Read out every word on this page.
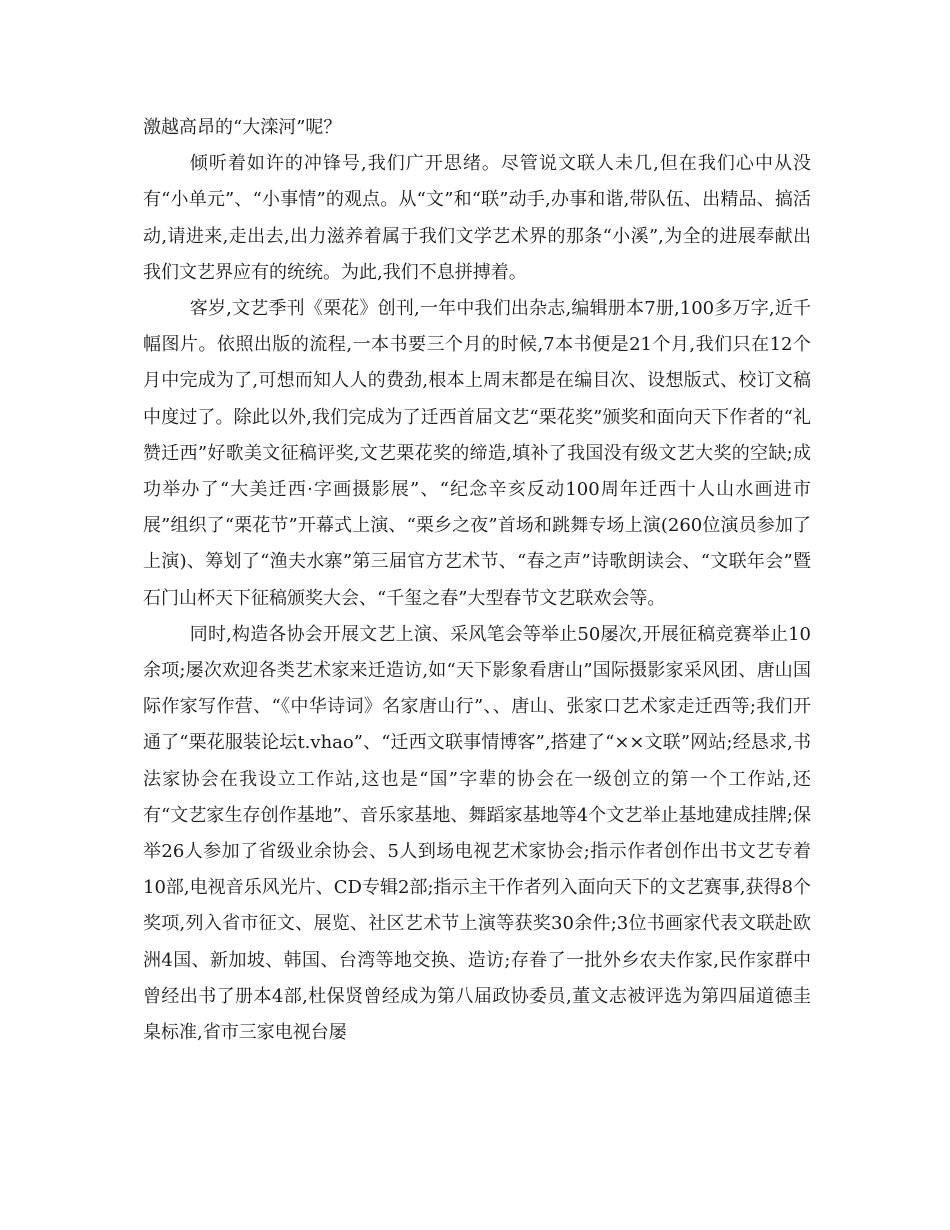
激越高昂的“大滦河”呢？

倾听着如许的冲锋号,我们广开思绪。尽管说文联人未几,但在我们心中从没有“小单元”、“小事情”的观点。从“文”和“联”动手,办事和谐,带队伍、出精品、搞活动,请进来,走出去,出力滋养着属于我们文学艺术界的那条“小溪”,为全的进展奉献出我们文艺界应有的统统。为此,我们不息拼搏着。

客岁,文艺季刊《栗花》创刊,一年中我们出杂志,编辑册本7册,100多万字,近千幅图片。依照出版的流程,一本书要三个月的时候,7本书便是21个月,我们只在12个月中完成为了,可想而知人人的费劲,根本上周末都是在编目次、设想版式、校订文稿中度过了。除此以外,我们完成为了迁西首届文艺“栗花奖”颁奖和面向天下作者的“礼赞迁西”好歌美文征稿评奖,文艺栗花奖的缔造,填补了我国没有级文艺大奖的空缺;成功举办了“大美迁西·字画摄影展”、“纪念辛亥反动100周年迁西十人山水画进市展”组织了“栗花节”开幕式上演、“栗乡之夜”首场和跳舞专场上演(260位演员参加了上演)、筹划了“渔夫水寨”第三届官方艺术节、“春之声”诗歌朗读会、“文联年会”暨石门山杯天下征稿颁奖大会、“千玺之春”大型春节文艺联欢会等。

同时,构造各协会开展文艺上演、采风笔会等举止50屡次,开展征稿竞赛举止10余项;屡次欢迎各类艺术家来迁造访,如“天下影象看唐山”国际摄影家采风团、唐山国际作家写作营、“《中华诗词》名家唐山行”、、唐山、张家口艺术家走迁西等;我们开通了“栗花服装论坛t.vhao”、“迁西文联事情博客”,搭建了“××文联”网站;经恳求,书法家协会在我设立工作站,这也是“国”字辈的协会在一级创立的第一个工作站,还有“文艺家生存创作基地”、音乐家基地、舞蹈家基地等4个文艺举止基地建成挂牌;保举26人参加了省级业余协会、5人到场电视艺术家协会;指示作者创作出书文艺专着10部,电视音乐风光片、CD专辑2部;指示主干作者列入面向天下的文艺赛事,获得8个奖项,列入省市征文、展览、社区艺术节上演等获奖30余件;3位书画家代表文联赴欧洲4国、新加坡、韩国、台湾等地交换、造访;存眷了一批外乡农夫作家,民作家群中曾经出书了册本4部,杜保贤曾经成为第八届政协委员,董文志被评选为第四届道德圭臬标准,省市三家电视台屡
